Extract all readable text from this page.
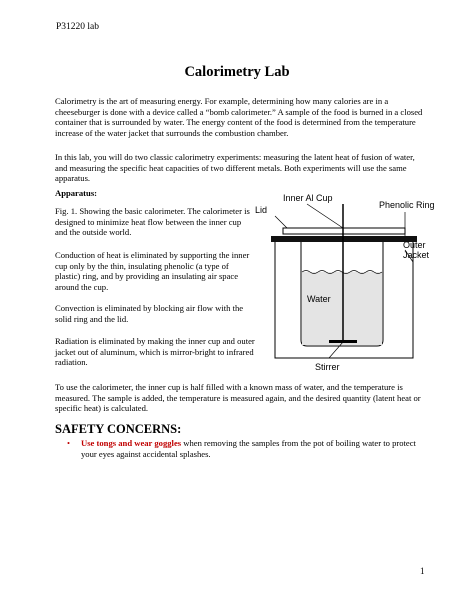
P31220 lab
Calorimetry Lab
Calorimetry is the art of measuring energy. For example, determining how many calories are in a cheeseburger is done with a device called a “bomb calorimeter.” A sample of the food is burned in a closed container that is surrounded by water. The energy content of the food is determined from the temperature increase of the water jacket that surrounds the combustion chamber.
In this lab, you will do two classic calorimetry experiments: measuring the latent heat of fusion of water, and measuring the specific heat capacities of two different metals. Both experiments will use the same apparatus.
Apparatus:
Fig. 1. Showing the basic calorimeter. The calorimeter is designed to minimize heat flow between the inner cup and the outside world.
Conduction of heat is eliminated by supporting the inner cup only by the thin, insulating phenolic (a type of plastic) ring, and by providing an insulating air space around the cup.
Convection is eliminated by blocking air flow with the solid ring and the lid.
Radiation is eliminated by making the inner cup and outer jacket out of aluminum, which is mirror-bright to infrared radiation.
Inner Al Cup
Lid	Phenolic Ring
Outer
Jacket
Water
Stirrer
To use the calorimeter, the inner cup is half filled with a known mass of water, and the temperature is measured. The sample is added, the temperature is measured again, and the desired quantity (latent heat or specific heat) is calculated.
SAFETY CONCERNS:
• Use tongs and wear goggles when removing the samples from the pot of boiling water to protect your eyes against accidental splashes.
1
